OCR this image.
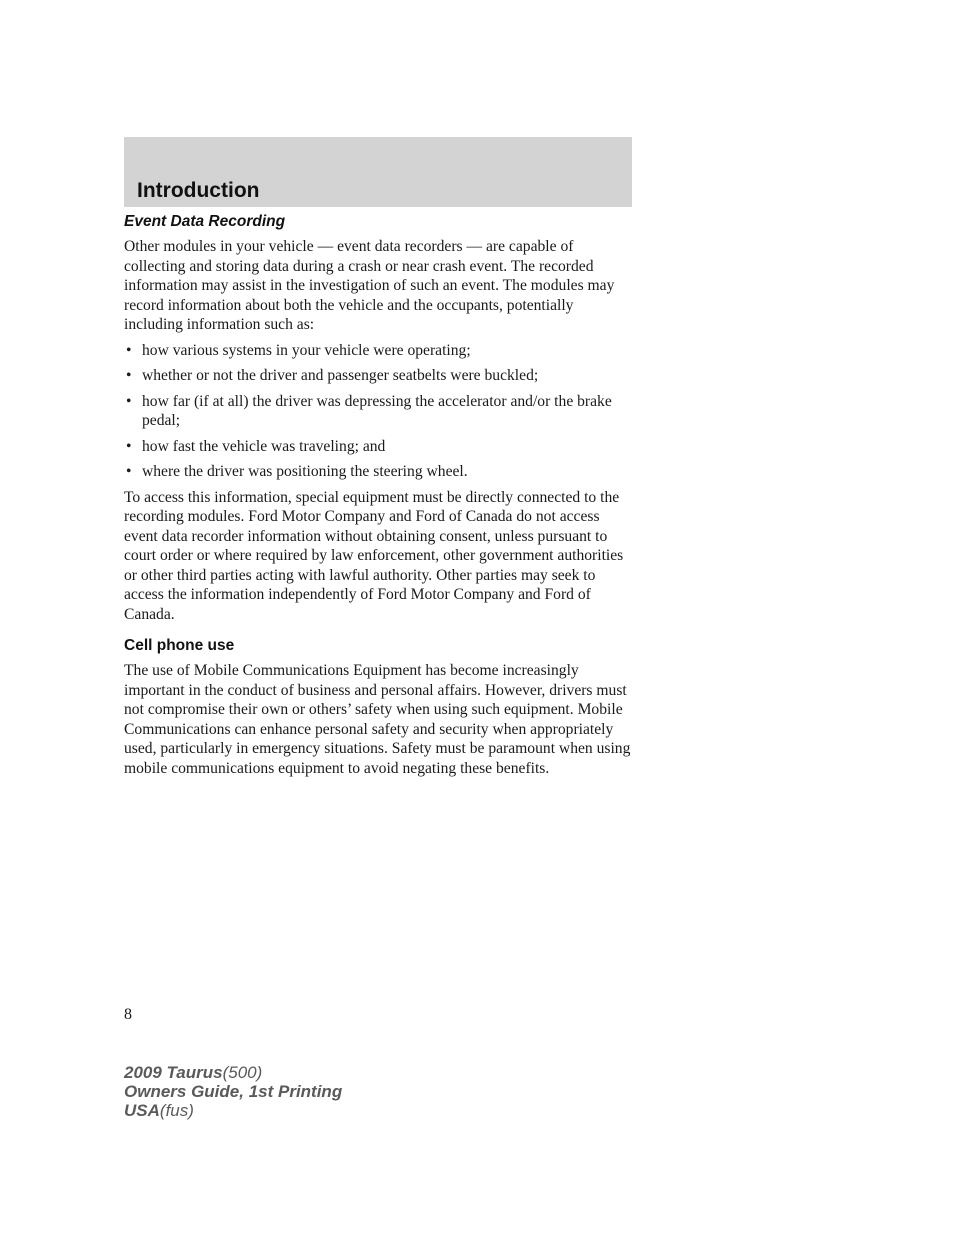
Introduction
Event Data Recording

Other modules in your vehicle — event data recorders — are capable of collecting and storing data during a crash or near crash event. The recorded information may assist in the investigation of such an event. The modules may record information about both the vehicle and the occupants, potentially including information such as:

• how various systems in your vehicle were operating;
• whether or not the driver and passenger seatbelts were buckled;
• how far (if at all) the driver was depressing the accelerator and/or the brake pedal;
• how fast the vehicle was traveling; and
• where the driver was positioning the steering wheel.

To access this information, special equipment must be directly connected to the recording modules. Ford Motor Company and Ford of Canada do not access event data recorder information without obtaining consent, unless pursuant to court order or where required by law enforcement, other government authorities or other third parties acting with lawful authority. Other parties may seek to access the information independently of Ford Motor Company and Ford of Canada.

Cell phone use

The use of Mobile Communications Equipment has become increasingly important in the conduct of business and personal affairs. However, drivers must not compromise their own or others’ safety when using such equipment. Mobile Communications can enhance personal safety and security when appropriately used, particularly in emergency situations. Safety must be paramount when using mobile communications equipment to avoid negating these benefits.

8
2009 Taurus(500)
Owners Guide, 1st Printing
USA(fus)
